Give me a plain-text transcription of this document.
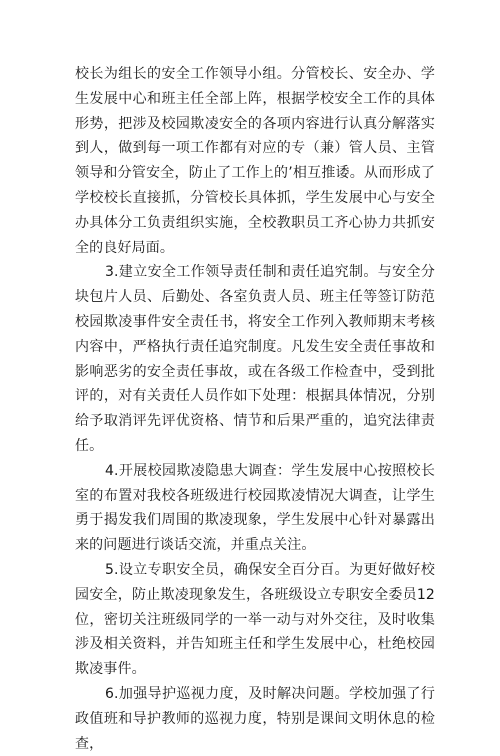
校长为组长的安全工作领导小组。分管校长、安全办、学生发展中心和班主任全部上阵，根据学校安全工作的具体形势，把涉及校园欺凌安全的各项内容进行认真分解落实到人，做到每一项工作都有对应的专（兼）管人员、主管领导和分管安全，防止了工作上的’相互推诿。从而形成了学校校长直接抓，分管校长具体抓，学生发展中心与安全办具体分工负责组织实施，全校教职员工齐心协力共抓安全的良好局面。

3.建立安全工作领导责任制和责任追究制。与安全分块包片人员、后勤处、各室负责人员、班主任等签订防范校园欺凌事件安全责任书，将安全工作列入教师期末考核内容中，严格执行责任追究制度。凡发生安全责任事故和影响恶劣的安全责任事故，或在各级工作检查中，受到批评的，对有关责任人员作如下处理：根据具体情况，分别给予取消评先评优资格、情节和后果严重的，追究法律责任。

4.开展校园欺凌隐患大调查：学生发展中心按照校长室的布置对我校各班级进行校园欺凌情况大调查，让学生勇于揭发我们周围的欺凌现象，学生发展中心针对暴露出来的问题进行谈话交流，并重点关注。

5.设立专职安全员，确保安全百分百。为更好做好校园安全，防止欺凌现象发生，各班级设立专职安全委员12位，密切关注班级同学的一举一动与对外交往，及时收集涉及相关资料，并告知班主任和学生发展中心，杜绝校园欺凌事件。

6.加强导护巡视力度，及时解决问题。学校加强了行政值班和导护教师的巡视力度，特别是课间文明休息的检查，
